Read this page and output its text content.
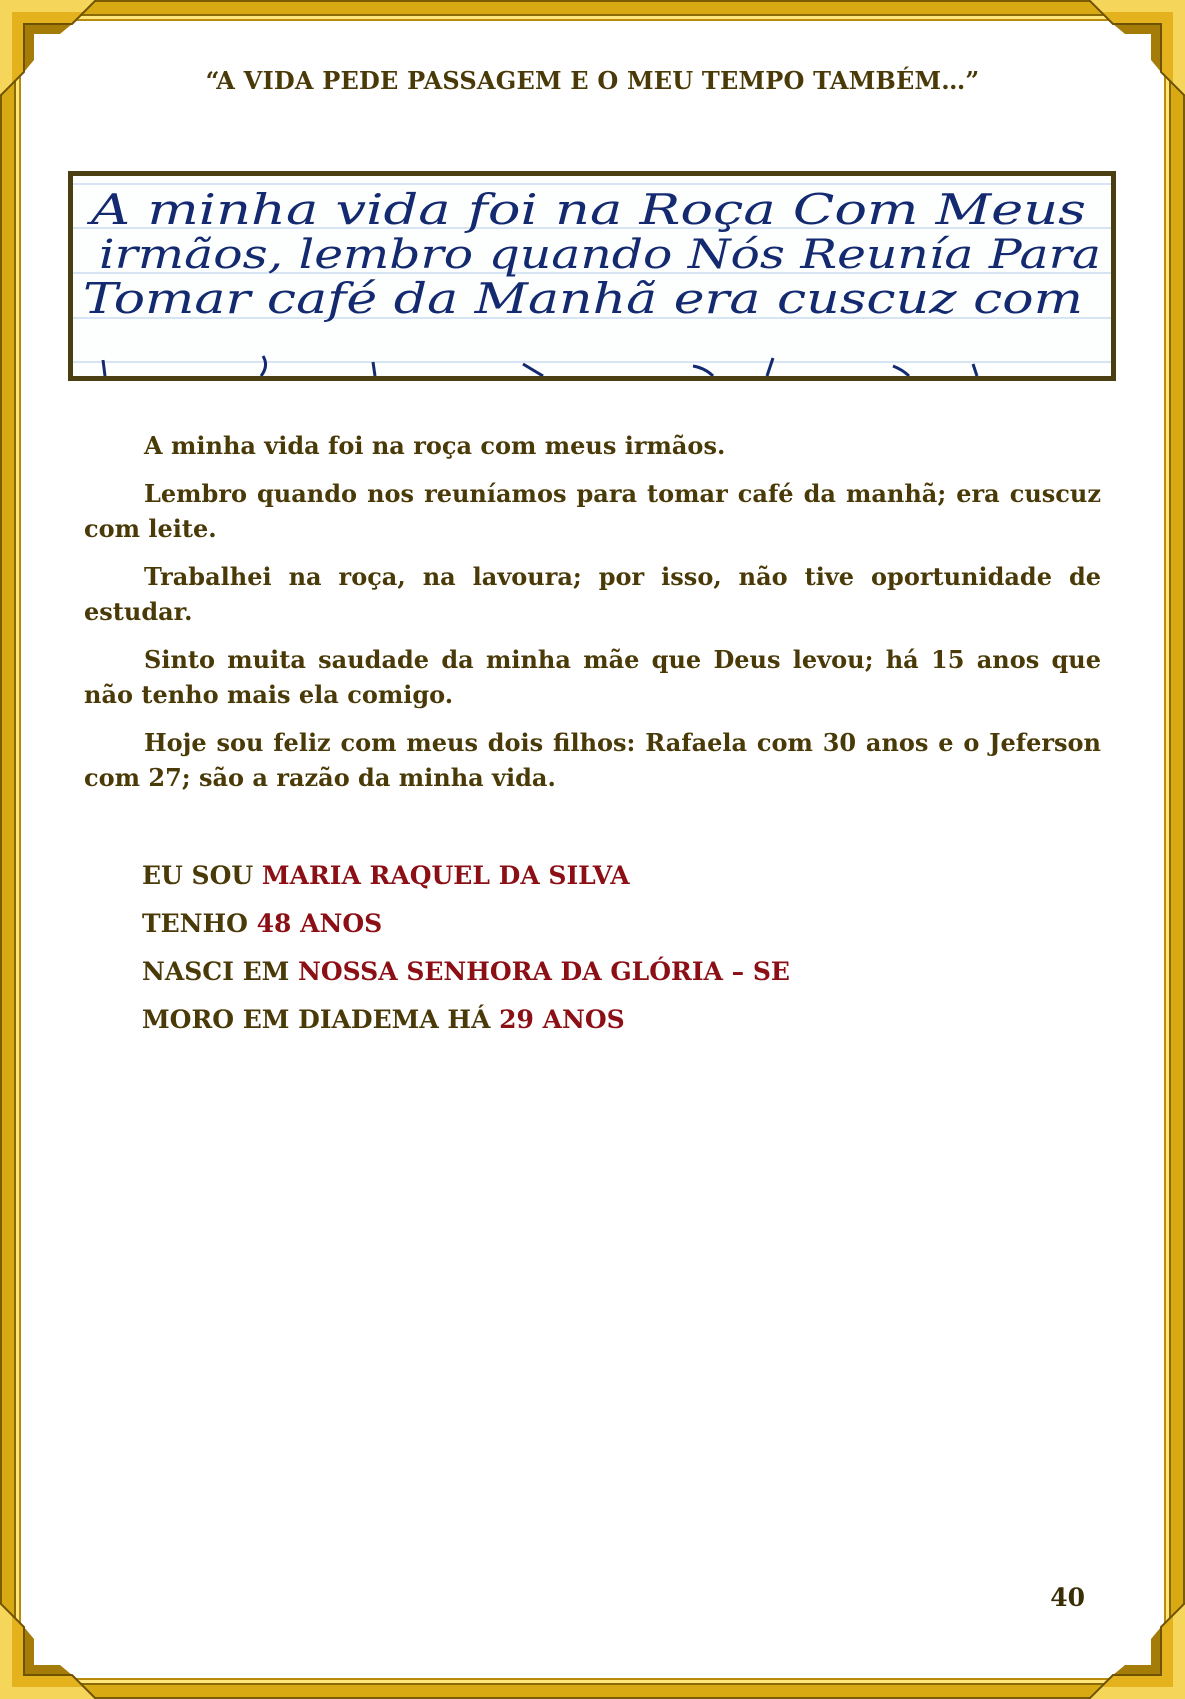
“A VIDA PEDE PASSAGEM E O MEU TEMPO TAMBÉM…”
A minha vida foi na Roça Com Meus
irmãos, lembro quando Nós Reunía Para
Tomar café da Manhã era cuscuz com

A minha vida foi na roça com meus irmãos.

Lembro quando nos reuníamos para tomar café da manhã; era cuscuz com leite.

Trabalhei na roça, na lavoura; por isso, não tive oportunidade de estudar.

Sinto muita saudade da minha mãe que Deus levou; há 15 anos que não tenho mais ela comigo.

Hoje sou feliz com meus dois filhos: Rafaela com 30 anos e o Jeferson com 27; são a razão da minha vida.

EU SOU MARIA RAQUEL DA SILVA
TENHO 48 ANOS
NASCI EM NOSSA SENHORA DA GLÓRIA – SE
MORO EM DIADEMA HÁ 29 ANOS
40
